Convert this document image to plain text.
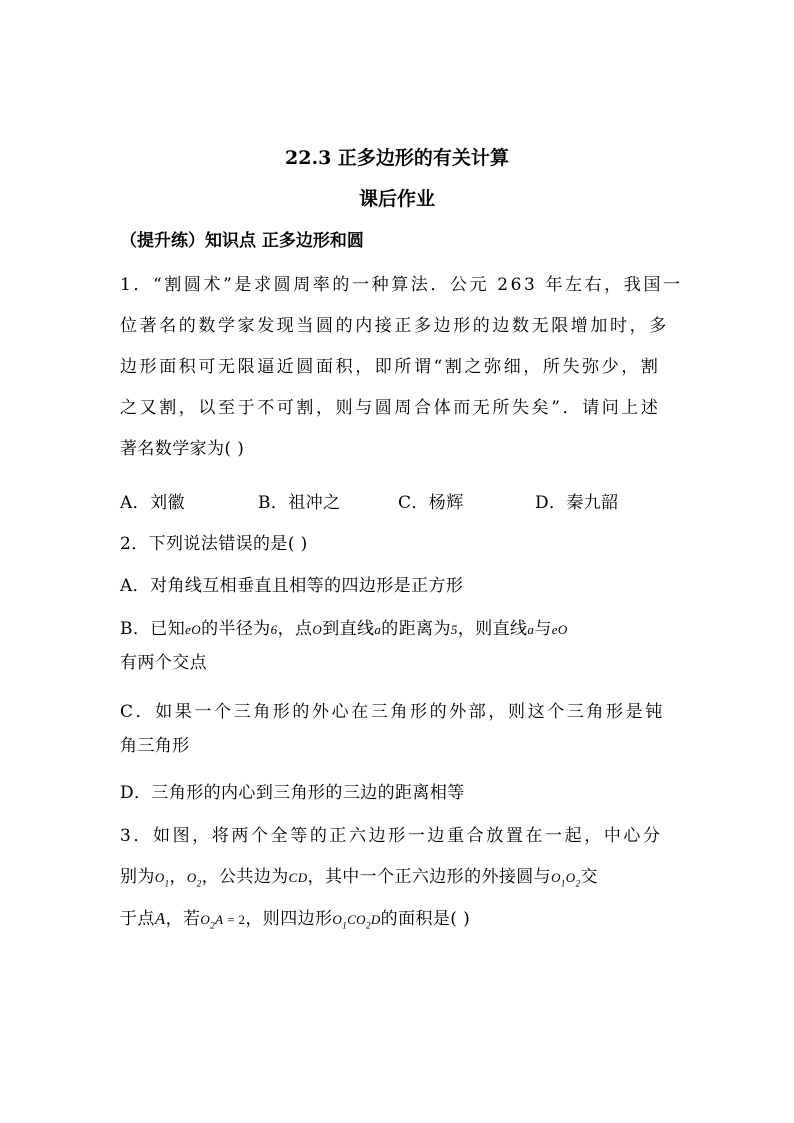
22.3 正多边形的有关计算
课后作业
（提升练）知识点 正多边形和圆
1．“割圆术”是求圆周率的一种算法．公元 263 年左右，我国一
位著名的数学家发现当圆的内接正多边形的边数无限增加时，多
边形面积可无限逼近圆面积，即所谓“割之弥细，所失弥少，割
之又割，以至于不可割，则与圆周合体而无所失矣”．请问上述
著名数学家为( )
A．刘徽	B．祖冲之	C．杨辉	D．秦九韶
2．下列说法错误的是( )
A．对角线互相垂直且相等的四边形是正方形
B．已知eO的半径为6，点O到直线a的距离为5，则直线a与eO
有两个交点
C．如果一个三角形的外心在三角形的外部，则这个三角形是钝
角三角形
D．三角形的内心到三角形的三边的距离相等
3．如图，将两个全等的正六边形一边重合放置在一起，中心分
别为$O_1$，$O_2$，公共边为CD，其中一个正六边形的外接圆与$O_1O_2$交
于点A，若$O_2A = 2$，则四边形$O_1CO_2D$的面积是( )
